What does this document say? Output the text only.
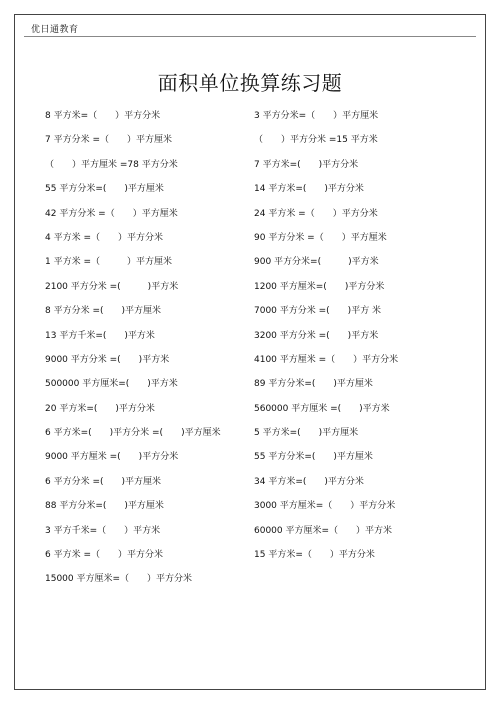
优日通教育
面积单位换算练习题
8 平方米=（　　）平方分米	3 平方分米=（　　）平方厘米
7 平方分米 =（　　）平方厘米	（　　）平方分米 =15 平方米
（　　）平方厘米 =78 平方分米	7 平方米=(　　)平方分米
55 平方分米=(　　)平方厘米	14 平方米=(　　)平方分米
42 平方分米 =（　　）平方厘米	24 平方米 =（　　）平方分米
4 平方米 =（　　）平方分米	90 平方分米 =（　　）平方厘米
1 平方米 =（　　　）平方厘米	900 平方分米=(　　　)平方米
2100 平方分米 =(　　　)平方米	1200 平方厘米=(　　)平方分米
8 平方分米 =(　　)平方厘米	7000 平方分米 =(　　)平方 米
13 平方千米=(　　)平方米	3200 平方分米 =(　　)平方米
9000 平方分米 =(　　)平方米	4100 平方厘米 =（　　）平方分米
500000 平方厘米=(　　)平方米	89 平方分米=(　　)平方厘米
20 平方米=(　　)平方分米	560000 平方厘米 =(　　)平方米
6 平方米=(　　)平方分米 =(　　)平方厘米	5 平方米=(　　)平方厘米
9000 平方厘米 =(　　)平方分米	55 平方分米=(　　)平方厘米
6 平方分米 =(　　)平方厘米	34 平方米=(　　)平方分米
88 平方分米=(　　)平方厘米	3000 平方厘米=（　　）平方分米
3 平方千米=（　　）平方米	60000 平方厘米=（　　）平方米
6 平方米 =（　　）平方分米	15 平方米=（　　）平方分米
15000 平方厘米=（　　）平方分米
